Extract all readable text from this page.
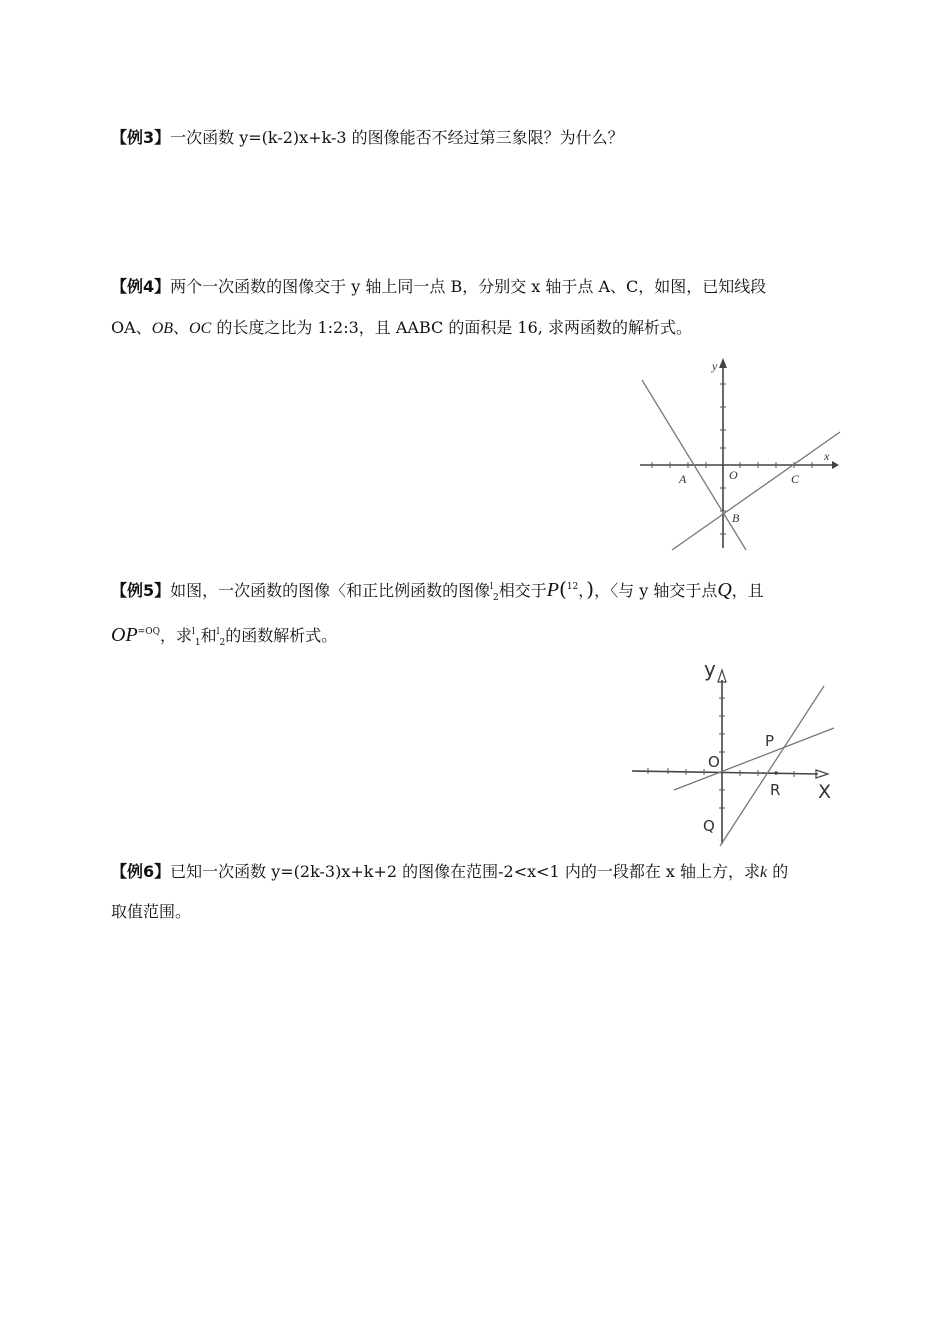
【例3】一次函数 y=(k-2)x+k-3 的图像能否不经过第三象限？为什么？
【例4】两个一次函数的图像交于 y 轴上同一点 B，分别交 x 轴于点 A、C，如图，已知线段
OA、OB、OC 的长度之比为 1:2:3，且 AABC 的面积是 16, 求两函数的解析式。
y
x
A	O	C
B
【例5】如图，一次函数的图像〈和正比例函数的图像$^l_2$相交于P($^{12}$，)，〈与 y 轴交于点Q，且
$OP^{=OQ}$，求$^l_1$和$^l_2$的函数解析式。
y
X
O
P
R
Q
【例6】已知一次函数 y=(2k-3)x+k+2 的图像在范围-2<x<1 内的一段都在 x 轴上方，求k 的
取值范围。
